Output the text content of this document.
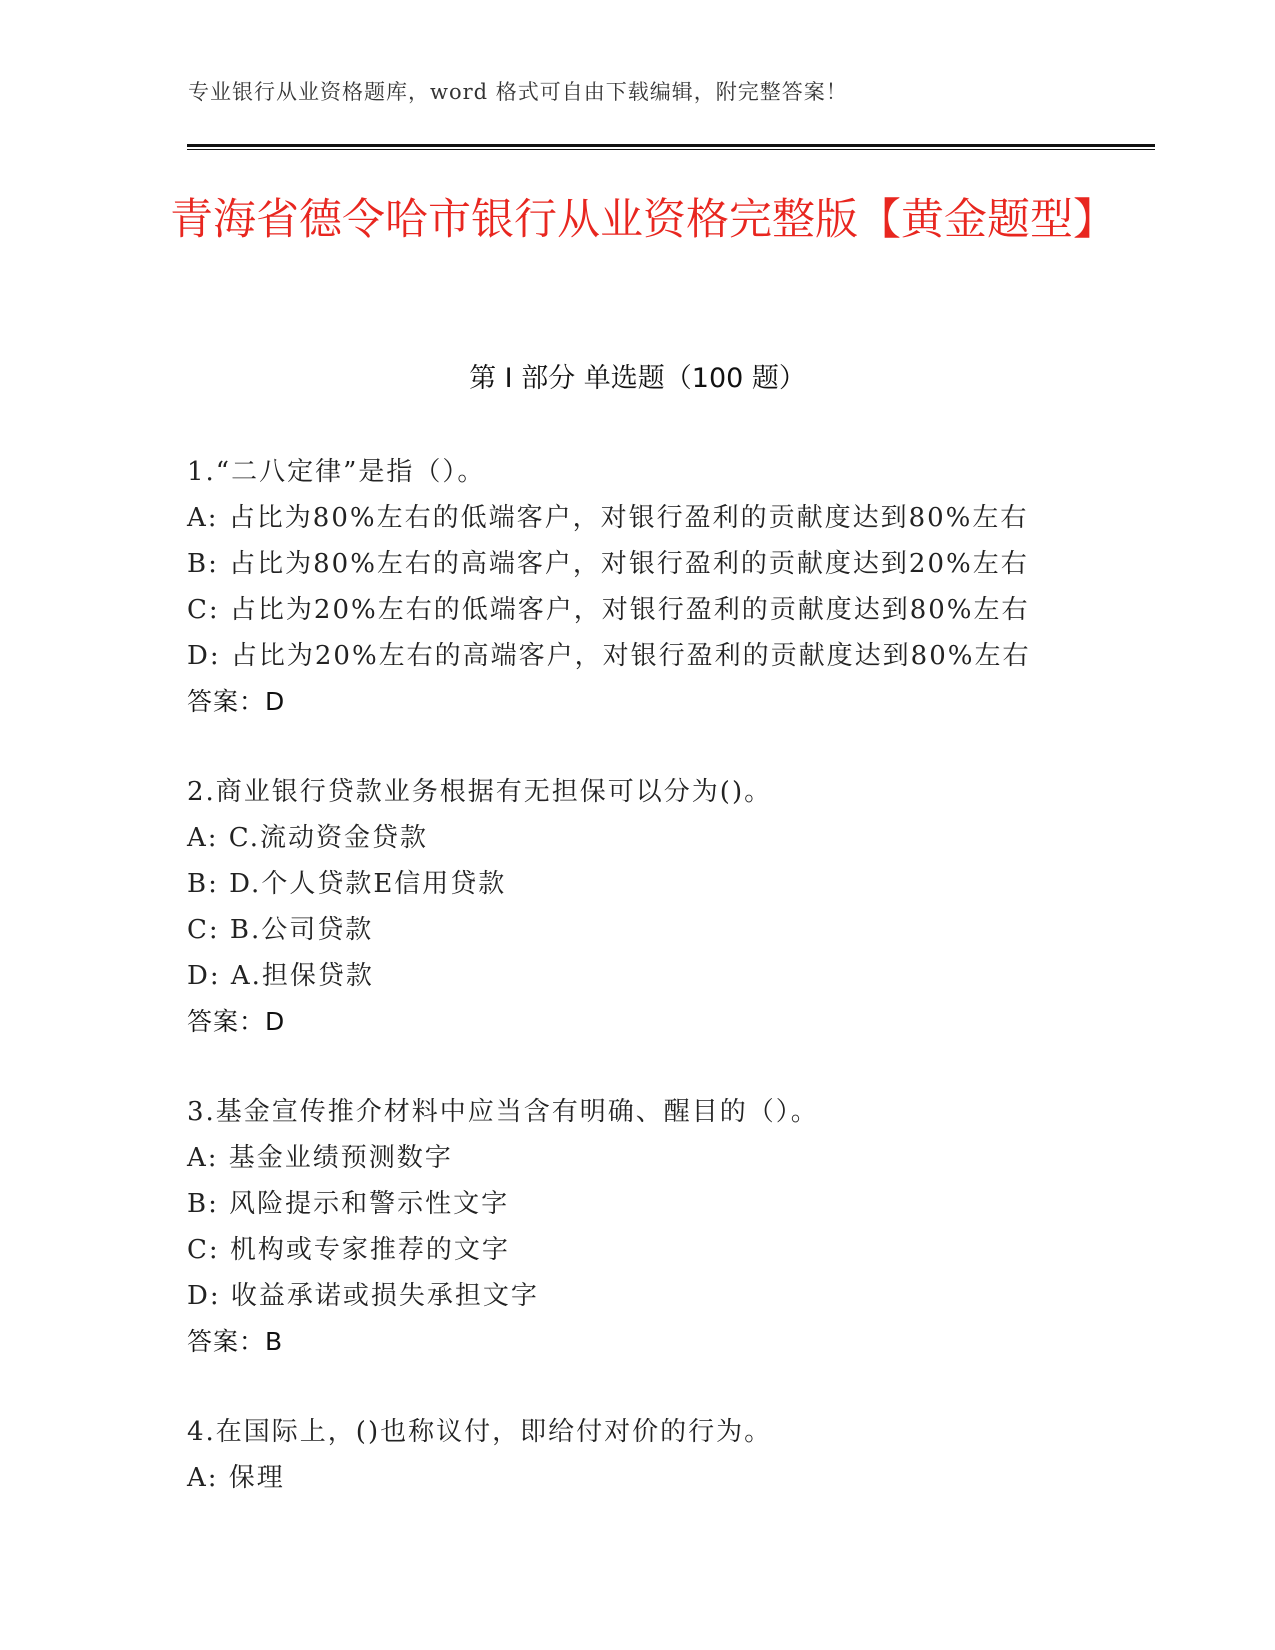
专业银行从业资格题库，word 格式可自由下载编辑，附完整答案！
青海省德令哈市银行从业资格完整版【黄金题型】
第 I 部分 单选题（100 题）
1.“二八定律”是指（）。
A: 占比为80%左右的低端客户，对银行盈利的贡献度达到80%左右
B: 占比为80%左右的高端客户，对银行盈利的贡献度达到20%左右
C: 占比为20%左右的低端客户，对银行盈利的贡献度达到80%左右
D: 占比为20%左右的高端客户，对银行盈利的贡献度达到80%左右
答案：D
2.商业银行贷款业务根据有无担保可以分为()。
A: C.流动资金贷款
B: D.个人贷款E信用贷款
C: B.公司贷款
D: A.担保贷款
答案：D
3.基金宣传推介材料中应当含有明确、醒目的（）。
A: 基金业绩预测数字
B: 风险提示和警示性文字
C: 机构或专家推荐的文字
D: 收益承诺或损失承担文字
答案：B
4.在国际上，()也称议付，即给付对价的行为。
A: 保理
